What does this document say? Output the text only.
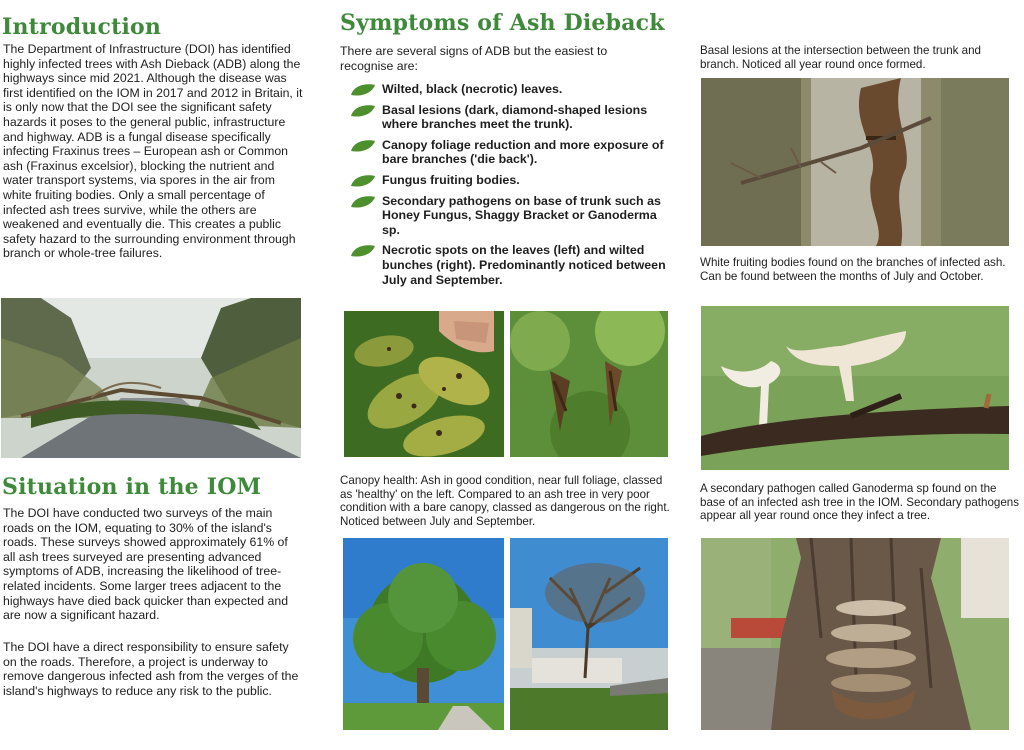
Introduction

The Department of Infrastructure (DOI) has identified highly infected trees with Ash Dieback (ADB) along the highways since mid 2021. Although the disease was first identified on the IOM in 2017 and 2012 in Britain, it is only now that the DOI see the significant safety hazards it poses to the general public, infrastructure and highway. ADB is a fungal disease specifically infecting Fraxinus trees – European ash or Common ash (Fraxinus excelsior), blocking the nutrient and water transport systems, via spores in the air from white fruiting bodies. Only a small percentage of infected ash trees survive, while the others are weakened and eventually die. This creates a public safety hazard to the surrounding environment through branch or whole-tree failures.

Situation in the IOM

The DOI have conducted two surveys of the main roads on the IOM, equating to 30% of the island's roads. These surveys showed approximately 61% of all ash trees surveyed are presenting advanced symptoms of ADB, increasing the likelihood of tree-related incidents. Some larger trees adjacent to the highways have died back quicker than expected and are now a significant hazard.

The DOI have a direct responsibility to ensure safety on the roads. Therefore, a project is underway to remove dangerous infected ash from the verges of the island's highways to reduce any risk to the public.

Symptoms of Ash Dieback

There are several signs of ADB but the easiest to recognise are:

Wilted, black (necrotic) leaves.
Basal lesions (dark, diamond-shaped lesions where branches meet the trunk).
Canopy foliage reduction and more exposure of bare branches ('die back').
Fungus fruiting bodies.
Secondary pathogens on base of trunk such as Honey Fungus, Shaggy Bracket or Ganoderma sp.
Necrotic spots on the leaves (left) and wilted bunches (right). Predominantly noticed between July and September.

Canopy health: Ash in good condition, near full foliage, classed as 'healthy' on the left. Compared to an ash tree in very poor condition with a bare canopy, classed as dangerous on the right. Noticed between July and September.

Basal lesions at the intersection between the trunk and branch. Noticed all year round once formed.

White fruiting bodies found on the branches of infected ash. Can be found between the months of July and October.

A secondary pathogen called Ganoderma sp found on the base of an infected ash tree in the IOM. Secondary pathogens appear all year round once they infect a tree.
